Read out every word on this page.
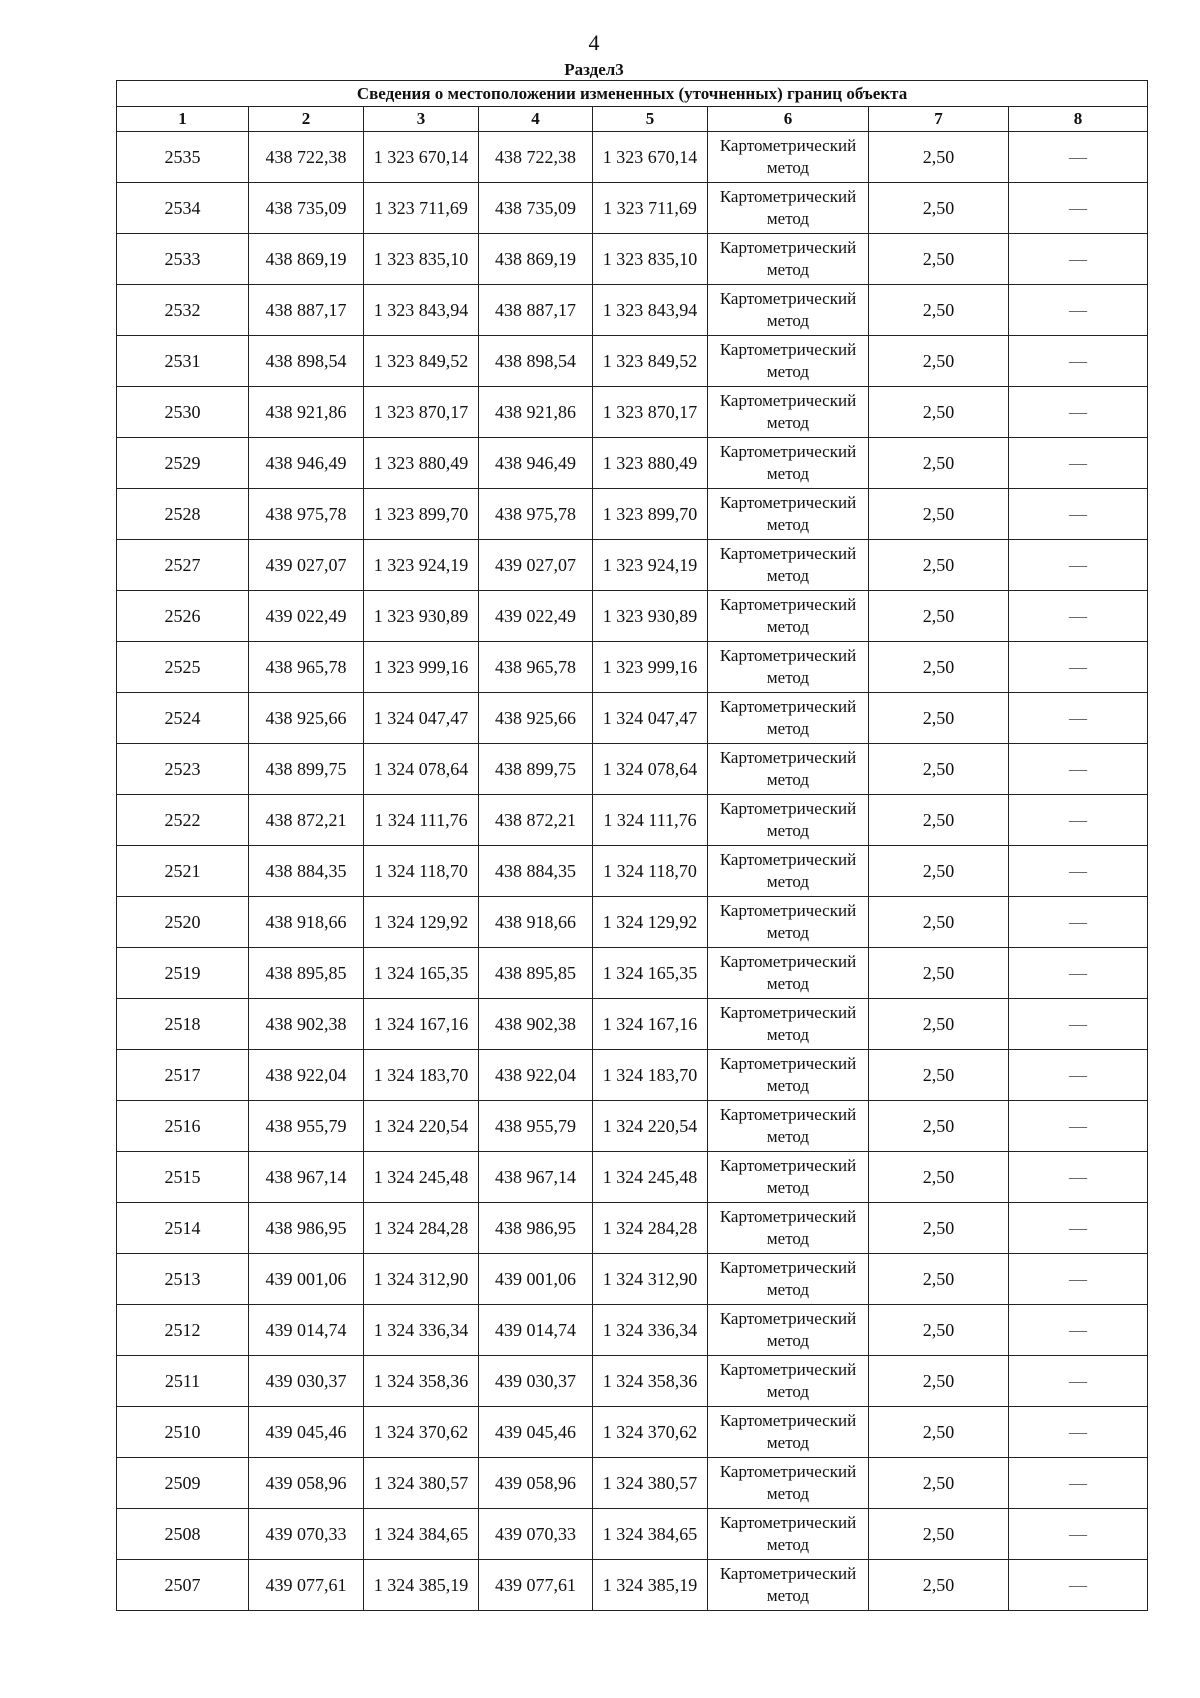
4
Раздел3
Сведения о местоположении измененных (уточненных) границ объекта							
1	2	3	4	5	6	7	8
2535	438 722,38	1 323 670,14	438 722,38	1 323 670,14	Картометрический метод	2,50	—
2534	438 735,09	1 323 711,69	438 735,09	1 323 711,69	Картометрический метод	2,50	—
2533	438 869,19	1 323 835,10	438 869,19	1 323 835,10	Картометрический метод	2,50	—
2532	438 887,17	1 323 843,94	438 887,17	1 323 843,94	Картометрический метод	2,50	—
2531	438 898,54	1 323 849,52	438 898,54	1 323 849,52	Картометрический метод	2,50	—
2530	438 921,86	1 323 870,17	438 921,86	1 323 870,17	Картометрический метод	2,50	—
2529	438 946,49	1 323 880,49	438 946,49	1 323 880,49	Картометрический метод	2,50	—
2528	438 975,78	1 323 899,70	438 975,78	1 323 899,70	Картометрический метод	2,50	—
2527	439 027,07	1 323 924,19	439 027,07	1 323 924,19	Картометрический метод	2,50	—
2526	439 022,49	1 323 930,89	439 022,49	1 323 930,89	Картометрический метод	2,50	—
2525	438 965,78	1 323 999,16	438 965,78	1 323 999,16	Картометрический метод	2,50	—
2524	438 925,66	1 324 047,47	438 925,66	1 324 047,47	Картометрический метод	2,50	—
2523	438 899,75	1 324 078,64	438 899,75	1 324 078,64	Картометрический метод	2,50	—
2522	438 872,21	1 324 111,76	438 872,21	1 324 111,76	Картометрический метод	2,50	—
2521	438 884,35	1 324 118,70	438 884,35	1 324 118,70	Картометрический метод	2,50	—
2520	438 918,66	1 324 129,92	438 918,66	1 324 129,92	Картометрический метод	2,50	—
2519	438 895,85	1 324 165,35	438 895,85	1 324 165,35	Картометрический метод	2,50	—
2518	438 902,38	1 324 167,16	438 902,38	1 324 167,16	Картометрический метод	2,50	—
2517	438 922,04	1 324 183,70	438 922,04	1 324 183,70	Картометрический метод	2,50	—
2516	438 955,79	1 324 220,54	438 955,79	1 324 220,54	Картометрический метод	2,50	—
2515	438 967,14	1 324 245,48	438 967,14	1 324 245,48	Картометрический метод	2,50	—
2514	438 986,95	1 324 284,28	438 986,95	1 324 284,28	Картометрический метод	2,50	—
2513	439 001,06	1 324 312,90	439 001,06	1 324 312,90	Картометрический метод	2,50	—
2512	439 014,74	1 324 336,34	439 014,74	1 324 336,34	Картометрический метод	2,50	—
2511	439 030,37	1 324 358,36	439 030,37	1 324 358,36	Картометрический метод	2,50	—
2510	439 045,46	1 324 370,62	439 045,46	1 324 370,62	Картометрический метод	2,50	—
2509	439 058,96	1 324 380,57	439 058,96	1 324 380,57	Картометрический метод	2,50	—
2508	439 070,33	1 324 384,65	439 070,33	1 324 384,65	Картометрический метод	2,50	—
2507	439 077,61	1 324 385,19	439 077,61	1 324 385,19	Картометрический метод	2,50	—
